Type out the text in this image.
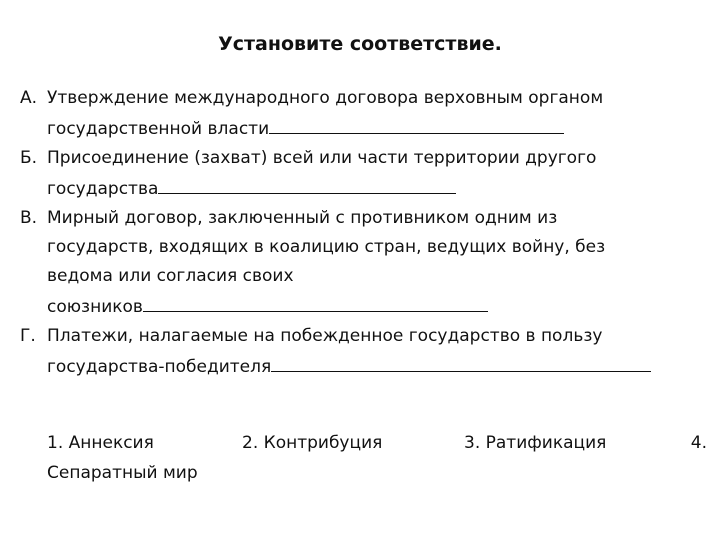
Установите соответствие.
А. Утверждение международного договора верховным органом
государственной власти
Б. Присоединение (захват) всей или части территории другого
государства
В. Мирный договор, заключенный с противником одним из
государств, входящих в коалицию стран, ведущих войну, без
ведома или согласия своих
союзников
Г. Платежи, налагаемые на побежденное государство в пользу
государства-победителя
1. Аннексия	2. Контрибуция	3. Ратификация	4.
Сепаратный мир
